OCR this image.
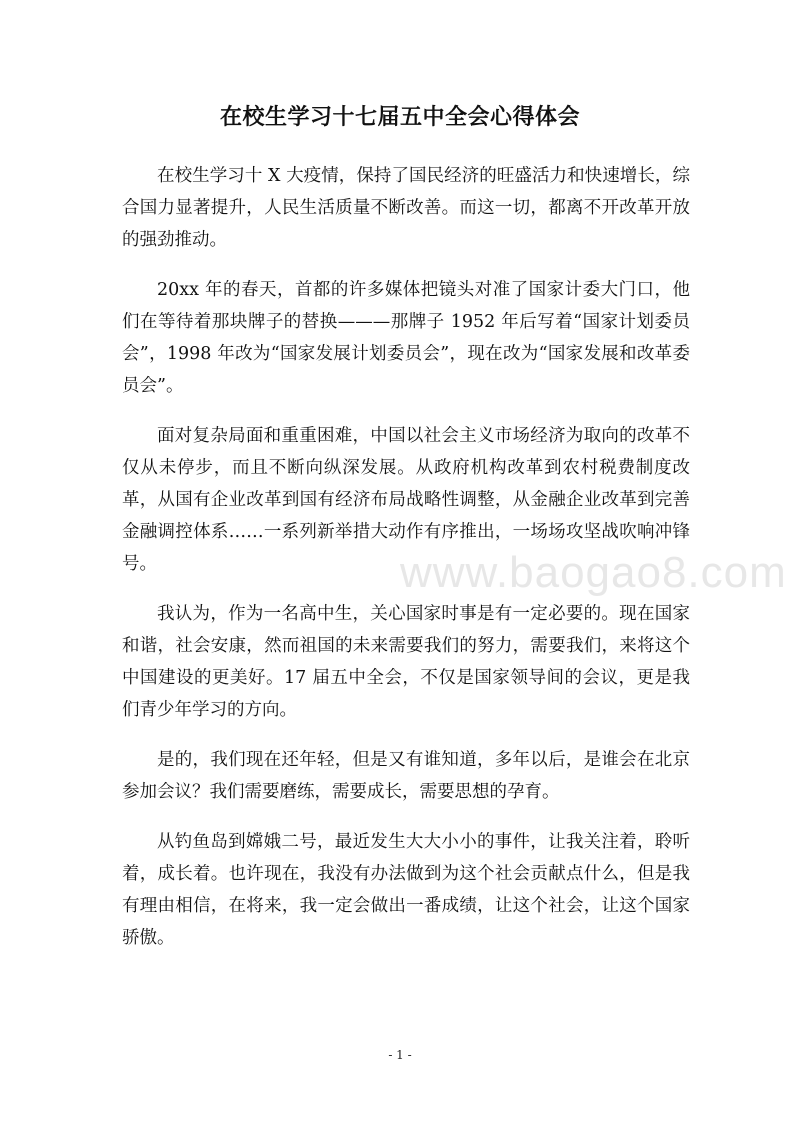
www.baogao8.com
在校生学习十七届五中全会心得体会

在校生学习十 X 大疫情，保持了国民经济的旺盛活力和快速增长，综合国力显著提升，人民生活质量不断改善。而这一切，都离不开改革开放的强劲推动。

20xx 年的春天，首都的许多媒体把镜头对准了国家计委大门口，他们在等待着那块牌子的替换———那牌子 1952 年后写着“国家计划委员会”，1998 年改为“国家发展计划委员会”，现在改为“国家发展和改革委员会”。

面对复杂局面和重重困难，中国以社会主义市场经济为取向的改革不仅从未停步，而且不断向纵深发展。从政府机构改革到农村税费制度改革，从国有企业改革到国有经济布局战略性调整，从金融企业改革到完善金融调控体系……一系列新举措大动作有序推出，一场场攻坚战吹响冲锋号。

我认为，作为一名高中生，关心国家时事是有一定必要的。现在国家和谐，社会安康，然而祖国的未来需要我们的努力，需要我们，来将这个中国建设的更美好。17 届五中全会，不仅是国家领导间的会议，更是我们青少年学习的方向。

是的，我们现在还年轻，但是又有谁知道，多年以后，是谁会在北京参加会议？我们需要磨练，需要成长，需要思想的孕育。

从钓鱼岛到嫦娥二号，最近发生大大小小的事件，让我关注着，聆听着，成长着。也许现在，我没有办法做到为这个社会贡献点什么，但是我有理由相信，在将来，我一定会做出一番成绩，让这个社会，让这个国家骄傲。

- 1 -
